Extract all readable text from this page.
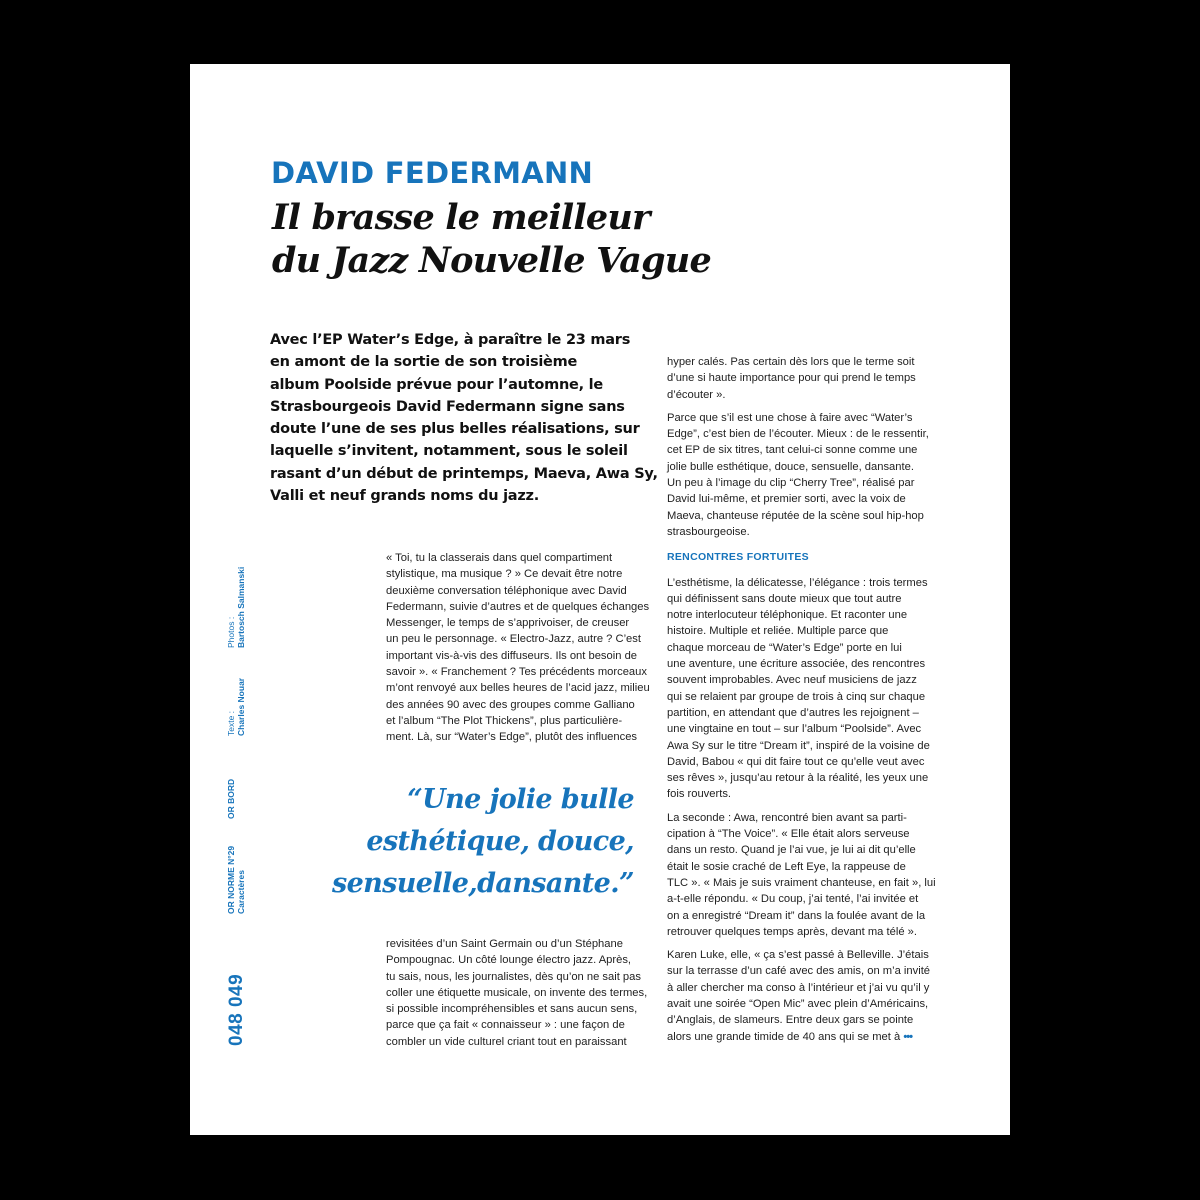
DAVID FEDERMANN
Il brasse le meilleur
du Jazz Nouvelle Vague

Avec l’EP Water’s Edge, à paraître le 23 mars
en amont de la sortie de son troisième
album Poolside prévue pour l’automne, le
Strasbourgeois David Federmann signe sans
doute l’une de ses plus belles réalisations, sur
laquelle s’invitent, notamment, sous le soleil
rasant d’un début de printemps, Maeva, Awa Sy,
Valli et neuf grands noms du jazz.

« Toi, tu la classerais dans quel compartiment
stylistique, ma musique ? » Ce devait être notre
deuxième conversation téléphonique avec David
Federmann, suivie d’autres et de quelques échanges
Messenger, le temps de s’apprivoiser, de creuser
un peu le personnage. « Electro-Jazz, autre ? C’est
important vis-à-vis des diffuseurs. Ils ont besoin de
savoir ». « Franchement ? Tes précédents morceaux
m’ont renvoyé aux belles heures de l’acid jazz, milieu
des années 90 avec des groupes comme Galliano
et l’album “The Plot Thickens”, plus particulière-
ment. Là, sur “Water’s Edge”, plutôt des influences

“Une jolie bulle
esthétique, douce,
sensuelle,dansante.”

revisitées d’un Saint Germain ou d’un Stéphane
Pompougnac. Un côté lounge électro jazz. Après,
tu sais, nous, les journalistes, dès qu’on ne sait pas
coller une étiquette musicale, on invente des termes,
si possible incompréhensibles et sans aucun sens,
parce que ça fait « connaisseur » : une façon de
combler un vide culturel criant tout en paraissant

hyper calés. Pas certain dès lors que le terme soit
d’une si haute importance pour qui prend le temps
d’écouter ».

Parce que s’il est une chose à faire avec “Water’s
Edge”, c’est bien de l’écouter. Mieux : de le ressentir,
cet EP de six titres, tant celui-ci sonne comme une
jolie bulle esthétique, douce, sensuelle, dansante.
Un peu à l’image du clip “Cherry Tree”, réalisé par
David lui-même, et premier sorti, avec la voix de
Maeva, chanteuse réputée de la scène soul hip-hop
strasbourgeoise.

RENCONTRES FORTUITES

L’esthétisme, la délicatesse, l’élégance : trois termes
qui définissent sans doute mieux que tout autre
notre interlocuteur téléphonique. Et raconter une
histoire. Multiple et reliée. Multiple parce que
chaque morceau de “Water’s Edge” porte en lui
une aventure, une écriture associée, des rencontres
souvent improbables. Avec neuf musiciens de jazz
qui se relaient par groupe de trois à cinq sur chaque
partition, en attendant que d’autres les rejoignent –
une vingtaine en tout – sur l’album “Poolside”. Avec
Awa Sy sur le titre “Dream it”, inspiré de la voisine de
David, Babou « qui dit faire tout ce qu’elle veut avec
ses rêves », jusqu’au retour à la réalité, les yeux une
fois rouverts.

La seconde : Awa, rencontré bien avant sa parti-
cipation à “The Voice”. « Elle était alors serveuse
dans un resto. Quand je l’ai vue, je lui ai dit qu’elle
était le sosie craché de Left Eye, la rappeuse de
TLC ». « Mais je suis vraiment chanteuse, en fait », lui
a-t-elle répondu. « Du coup, j’ai tenté, l’ai invitée et
on a enregistré “Dream it” dans la foulée avant de la
retrouver quelques temps après, devant ma télé ».

Karen Luke, elle, « ça s’est passé à Belleville. J’étais
sur la terrasse d’un café avec des amis, on m’a invité
à aller chercher ma conso à l’intérieur et j’ai vu qu’il y
avait une soirée “Open Mic” avec plein d’Américains,
d’Anglais, de slameurs. Entre deux gars se pointe
alors une grande timide de 40 ans qui se met à •••

048 049
OR NORME N°29
Caractères
OR BORD
Texte :
Charles Nouar
Photos :
Bartosch Salmanski
